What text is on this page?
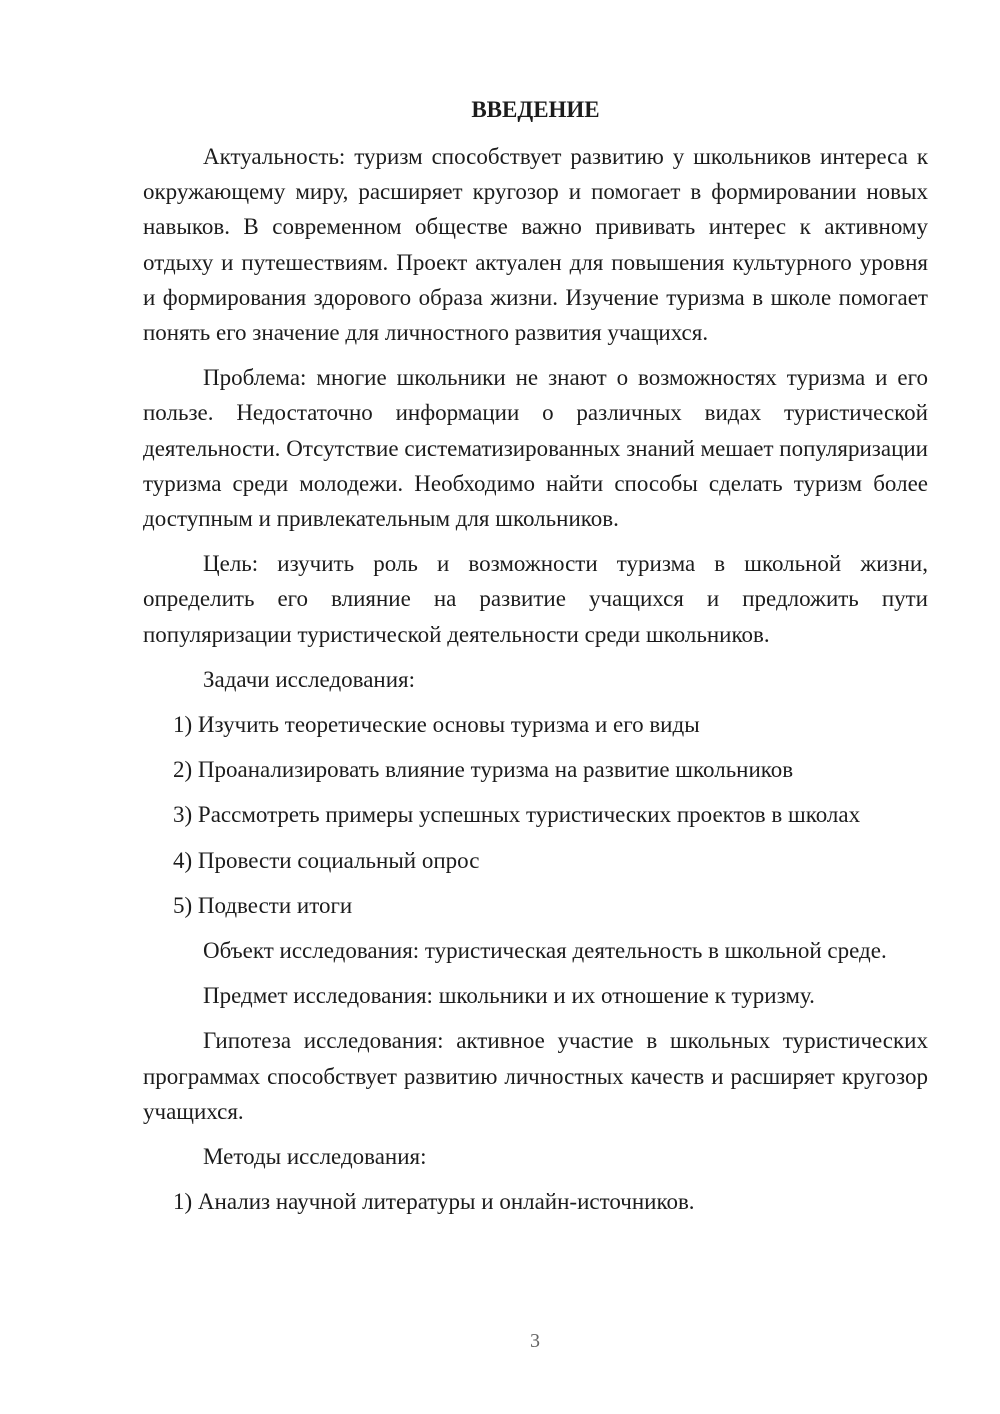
ВВЕДЕНИЕ

Актуальность: туризм способствует развитию у школьников интереса к окружающему миру, расширяет кругозор и помогает в формировании новых навыков. В современном обществе важно прививать интерес к активному отдыху и путешествиям. Проект актуален для повышения культурного уровня и формирования здорового образа жизни. Изучение туризма в школе помогает понять его значение для личностного развития учащихся.

Проблема: многие школьники не знают о возможностях туризма и его пользе. Недостаточно информации о различных видах туристической деятельности. Отсутствие систематизированных знаний мешает популяризации туризма среди молодежи. Необходимо найти способы сделать туризм более доступным и привлекательным для школьников.

Цель: изучить роль и возможности туризма в школьной жизни, определить его влияние на развитие учащихся и предложить пути популяризации туристической деятельности среди школьников.

Задачи исследования:
1) Изучить теоретические основы туризма и его виды
2) Проанализировать влияние туризма на развитие школьников
3) Рассмотреть примеры успешных туристических проектов в школах
4) Провести социальный опрос
5) Подвести итоги

Объект исследования: туристическая деятельность в школьной среде.

Предмет исследования: школьники и их отношение к туризму.

Гипотеза исследования: активное участие в школьных туристических программах способствует развитию личностных качеств и расширяет кругозор учащихся.

Методы исследования:
1) Анализ научной литературы и онлайн-источников.
3
